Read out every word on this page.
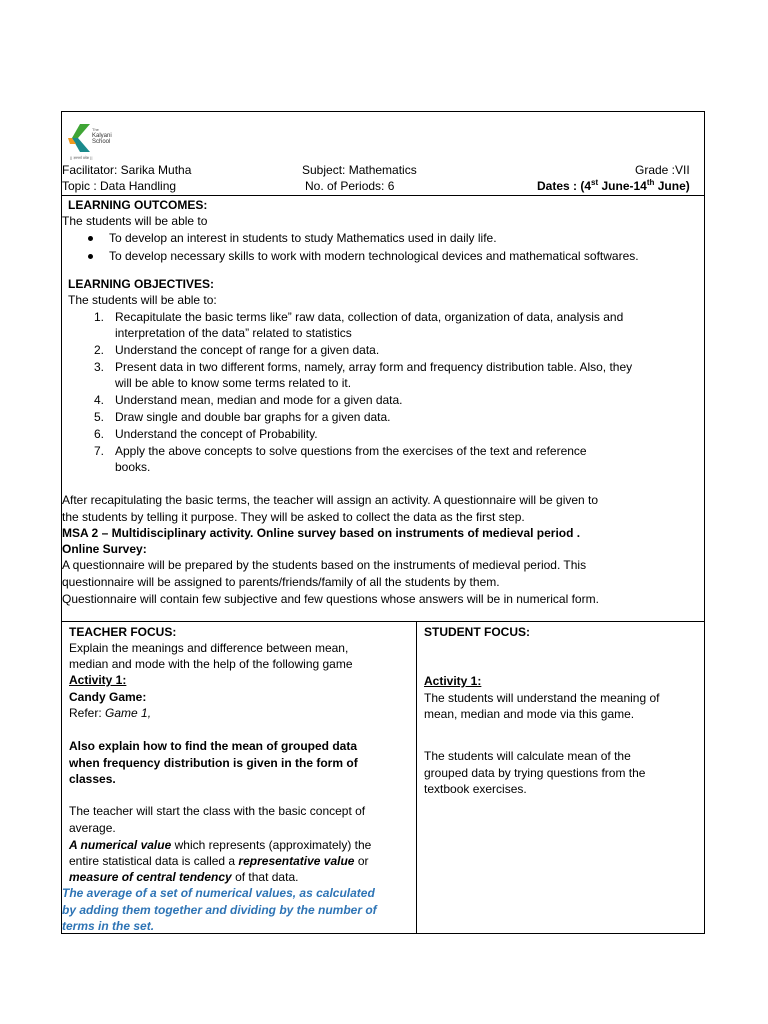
The
Kalyani
School
|| ज्ञानार्थ प्रवेश ||
Facilitator: Sarika Mutha	Subject: Mathematics	Grade :VII
Topic : Data Handling	No. of Periods: 6	Dates : (4st June-14th June)
LEARNING OUTCOMES:
The students will be able to
To develop an interest in students to study Mathematics used in daily life.
To develop necessary skills to work with modern technological devices and mathematical softwares.
LEARNING OBJECTIVES:
The students will be able to:
1. Recapitulate the basic terms like” raw data, collection of data, organization of data, analysis and
interpretation of the data” related to statistics
2. Understand the concept of range for a given data.
3. Present data in two different forms, namely, array form and frequency distribution table. Also, they
will be able to know some terms related to it.
4. Understand mean, median and mode for a given data.
5. Draw single and double bar graphs for a given data.
6. Understand the concept of Probability.
7. Apply the above concepts to solve questions from the exercises of the text and reference
books.
After recapitulating the basic terms, the teacher will assign an activity. A questionnaire will be given to
the students by telling it purpose. They will be asked to collect the data as the first step.
MSA 2 – Multidisciplinary activity. Online survey based on instruments of medieval period .
Online Survey:
A questionnaire will be prepared by the students based on the instruments of medieval period. This
questionnaire will be assigned to parents/friends/family of all the students by them.
Questionnaire will contain few subjective and few questions whose answers will be in numerical form.
TEACHER FOCUS:
Explain the meanings and difference between mean,
median and mode with the help of the following game
Activity 1:
Candy Game:
Refer: Game 1,
Also explain how to find the mean of grouped data
when frequency distribution is given in the form of
classes.
The teacher will start the class with the basic concept of
average.
A numerical value which represents (approximately) the
entire statistical data is called a representative value or
measure of central tendency of that data.
The average of a set of numerical values, as calculated
by adding them together and dividing by the number of
terms in the set.
STUDENT FOCUS:
Activity 1:
The students will understand the meaning of
mean, median and mode via this game.
The students will calculate mean of the
grouped data by trying questions from the
textbook exercises.
